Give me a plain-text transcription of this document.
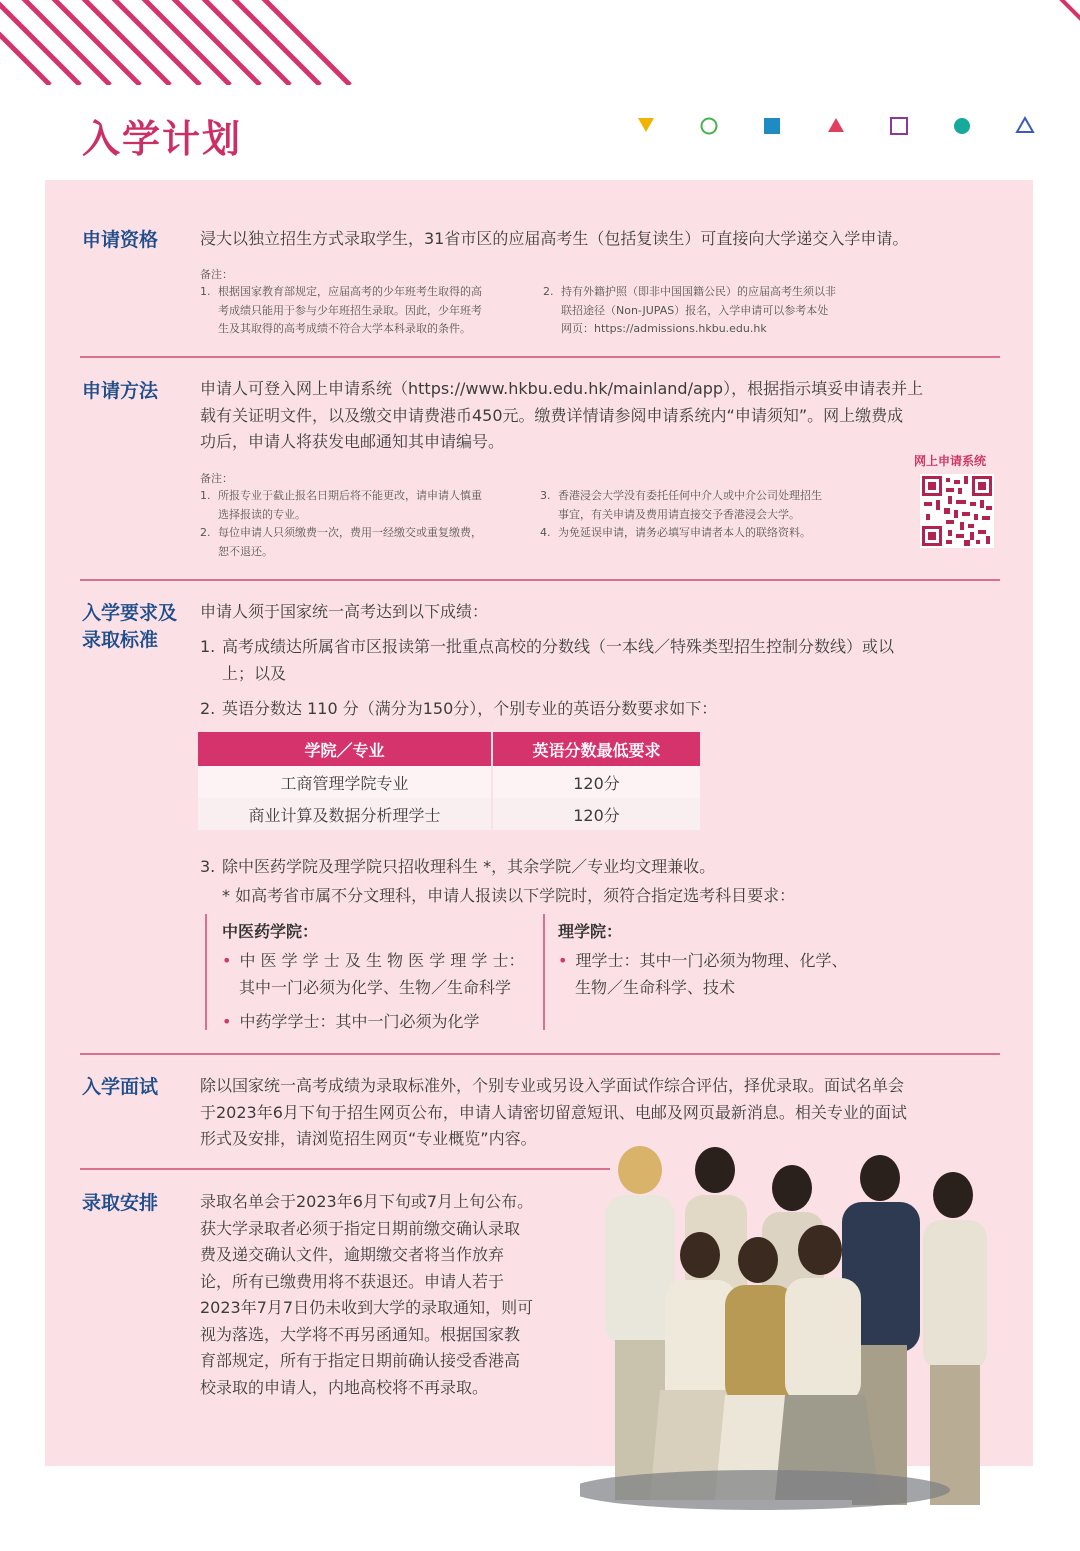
入学计划
申请资格	浸大以独立招生方式录取学生，31省市区的应届高考生（包括复读生）可直接向大学递交入学申请。
备注：
1. 根据国家教育部规定，应届高考的少年班考生取得的高
考成绩只能用于参与少年班招生录取。因此，少年班考
生及其取得的高考成绩不符合大学本科录取的条件。
2. 持有外籍护照（即非中国国籍公民）的应届高考生须以非
联招途径（Non-JUPAS）报名，入学申请可以参考本处
网页：https://admissions.hkbu.edu.hk
申请方法	申请人可登入网上申请系统（https://www.hkbu.edu.hk/mainland/app），根据指示填妥申请表并上
载有关证明文件，以及缴交申请费港币450元。缴费详情请参阅申请系统内“申请须知”。网上缴费成
功后，申请人将获发电邮通知其申请编号。
备注：
1. 所报专业于截止报名日期后将不能更改，请申请人慎重
选择报读的专业。
2. 每位申请人只须缴费一次，费用一经缴交或重复缴费，
恕不退还。
3. 香港浸会大学没有委托任何中介人或中介公司处理招生
事宜，有关申请及费用请直接交予香港浸会大学。
4. 为免延误申请，请务必填写申请者本人的联络资料。
网上申请系统
入学要求及
录取标准
申请人须于国家统一高考达到以下成绩：
1. 高考成绩达所属省市区报读第一批重点高校的分数线（一本线／特殊类型招生控制分数线）或以
上；以及
2. 英语分数达 110 分（满分为150分），个别专业的英语分数要求如下：
学院／专业	英语分数最低要求
工商管理学院专业	120分
商业计算及数据分析理学士	120分
3. 除中医药学院及理学院只招收理科生 *，其余学院／专业均文理兼收。
* 如高考省市属不分文理科，申请人报读以下学院时，须符合指定选考科目要求：
中医药学院：
• 中 医 学 学 士 及 生 物 医 学 理 学 士：
其中一门必须为化学、生物／生命科学
• 中药学学士：其中一门必须为化学
理学院：
• 理学士：其中一门必须为物理、化学、
生物／生命科学、技术
入学面试	除以国家统一高考成绩为录取标准外，个别专业或另设入学面试作综合评估，择优录取。面试名单会
于2023年6月下旬于招生网页公布，申请人请密切留意短讯、电邮及网页最新消息。相关专业的面试
形式及安排，请浏览招生网页“专业概览”内容。
录取安排	录取名单会于2023年6月下旬或7月上旬公布。
获大学录取者必须于指定日期前缴交确认录取
费及递交确认文件，逾期缴交者将当作放弃
论，所有已缴费用将不获退还。申请人若于
2023年7月7日仍未收到大学的录取通知，则可
视为落选，大学将不再另函通知。根据国家教
育部规定，所有于指定日期前确认接受香港高
校录取的申请人，内地高校将不再录取。
